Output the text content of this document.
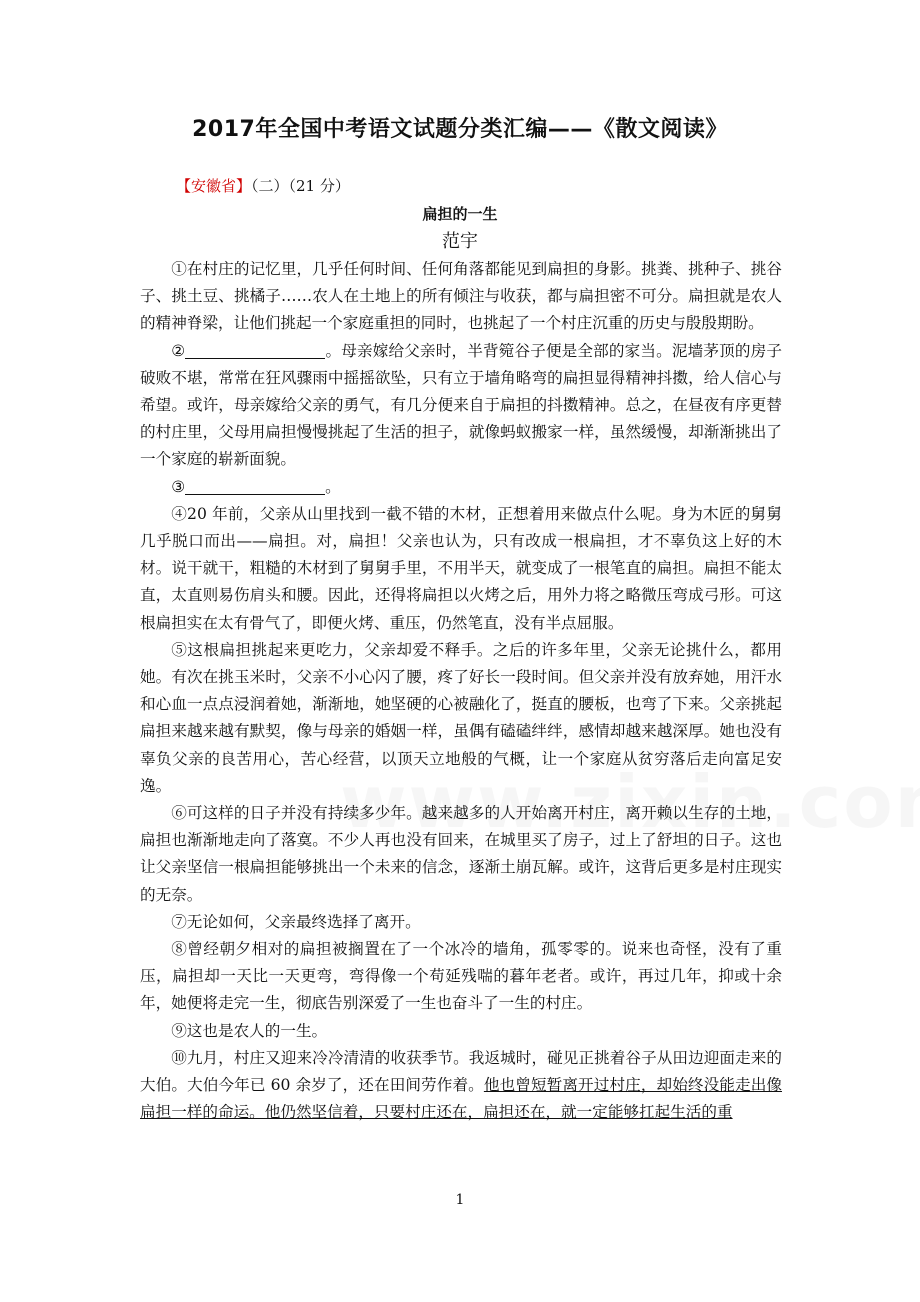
2017年全国中考语文试题分类汇编——《散文阅读》
【安徽省】（二）（21 分）
扁担的一生
范宇

①在村庄的记忆里，几乎任何时间、任何角落都能见到扁担的身影。挑粪、挑种子、挑谷子、挑土豆、挑橘子……农人在土地上的所有倾注与收获，都与扁担密不可分。扁担就是农人的精神脊梁，让他们挑起一个家庭重担的同时，也挑起了一个村庄沉重的历史与殷殷期盼。

②	。母亲嫁给父亲时，半背箢谷子便是全部的家当。泥墙茅顶的房子破败不堪，常常在狂风骤雨中摇摇欲坠，只有立于墙角略弯的扁担显得精神抖擞，给人信心与希望。或许，母亲嫁给父亲的勇气，有几分便来自于扁担的抖擞精神。总之，在昼夜有序更替的村庄里，父母用扁担慢慢挑起了生活的担子，就像蚂蚁搬家一样，虽然缓慢，却渐渐挑出了一个家庭的崭新面貌。

③	。

④20 年前，父亲从山里找到一截不错的木材，正想着用来做点什么呢。身为木匠的舅舅几乎脱口而出——扁担。对，扁担！父亲也认为，只有改成一根扁担，才不辜负这上好的木材。说干就干，粗糙的木材到了舅舅手里，不用半天，就变成了一根笔直的扁担。扁担不能太直，太直则易伤肩头和腰。因此，还得将扁担以火烤之后，用外力将之略微压弯成弓形。可这根扁担实在太有骨气了，即便火烤、重压，仍然笔直，没有半点屈服。

⑤这根扁担挑起来更吃力，父亲却爱不释手。之后的许多年里，父亲无论挑什么，都用她。有次在挑玉米时，父亲不小心闪了腰，疼了好长一段时间。但父亲并没有放弃她，用汗水和心血一点点浸润着她，渐渐地，她坚硬的心被融化了，挺直的腰板，也弯了下来。父亲挑起扁担来越来越有默契，像与母亲的婚姻一样，虽偶有磕磕绊绊，感情却越来越深厚。她也没有辜负父亲的良苦用心，苦心经营，以顶天立地般的气概，让一个家庭从贫穷落后走向富足安逸。

⑥可这样的日子并没有持续多少年。越来越多的人开始离开村庄，离开赖以生存的土地，扁担也渐渐地走向了落寞。不少人再也没有回来，在城里买了房子，过上了舒坦的日子。这也让父亲坚信一根扁担能够挑出一个未来的信念，逐渐土崩瓦解。或许，这背后更多是村庄现实的无奈。

⑦无论如何，父亲最终选择了离开。

⑧曾经朝夕相对的扁担被搁置在了一个冰冷的墙角，孤零零的。说来也奇怪，没有了重压，扁担却一天比一天更弯，弯得像一个苟延残喘的暮年老者。或许，再过几年，抑或十余年，她便将走完一生，彻底告别深爱了一生也奋斗了一生的村庄。

⑨这也是农人的一生。

⑩九月，村庄又迎来冷冷清清的收获季节。我返城时，碰见正挑着谷子从田边迎面走来的大伯。大伯今年已 60 余岁了，还在田间劳作着。他也曾短暂离开过村庄，却始终没能走出像扁担一样的命运。他仍然坚信着，只要村庄还在，扁担还在，就一定能够扛起生活的重

1
